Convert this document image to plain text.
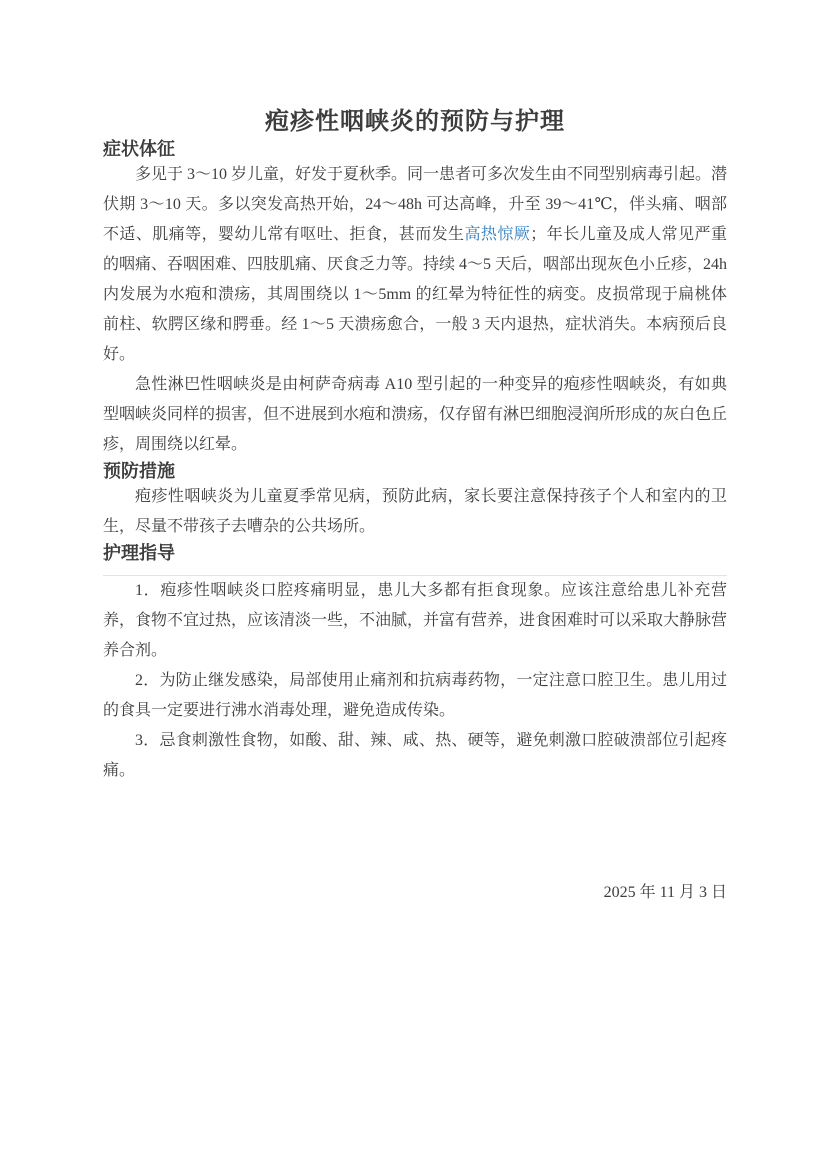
疱疹性咽峡炎的预防与护理
症状体征

多见于 3～10 岁儿童，好发于夏秋季。同一患者可多次发生由不同型别病毒引起。潜伏期 3～10 天。多以突发高热开始，24～48h 可达高峰，升至 39～41℃，伴头痛、咽部不适、肌痛等，婴幼儿常有呕吐、拒食，甚而发生高热惊厥；年长儿童及成人常见严重的咽痛、吞咽困难、四肢肌痛、厌食乏力等。持续 4～5 天后，咽部出现灰色小丘疹，24h 内发展为水疱和溃疡，其周围绕以 1～5mm 的红晕为特征性的病变。皮损常现于扁桃体前柱、软腭区缘和腭垂。经 1～5 天溃疡愈合，一般 3 天内退热，症状消失。本病预后良好。

急性淋巴性咽峡炎是由柯萨奇病毒 A10 型引起的一种变异的疱疹性咽峡炎，有如典型咽峡炎同样的损害，但不进展到水疱和溃疡，仅存留有淋巴细胞浸润所形成的灰白色丘疹，周围绕以红晕。

预防措施

疱疹性咽峡炎为儿童夏季常见病，预防此病，家长要注意保持孩子个人和室内的卫生，尽量不带孩子去嘈杂的公共场所。

护理指导

1．疱疹性咽峡炎口腔疼痛明显，患儿大多都有拒食现象。应该注意给患儿补充营养，食物不宜过热，应该清淡一些，不油腻，并富有营养，进食困难时可以采取大静脉营养合剂。

2．为防止继发感染，局部使用止痛剂和抗病毒药物，一定注意口腔卫生。患儿用过的食具一定要进行沸水消毒处理，避免造成传染。

3．忌食刺激性食物，如酸、甜、辣、咸、热、硬等，避免刺激口腔破溃部位引起疼痛。

2025 年 11 月 3 日
